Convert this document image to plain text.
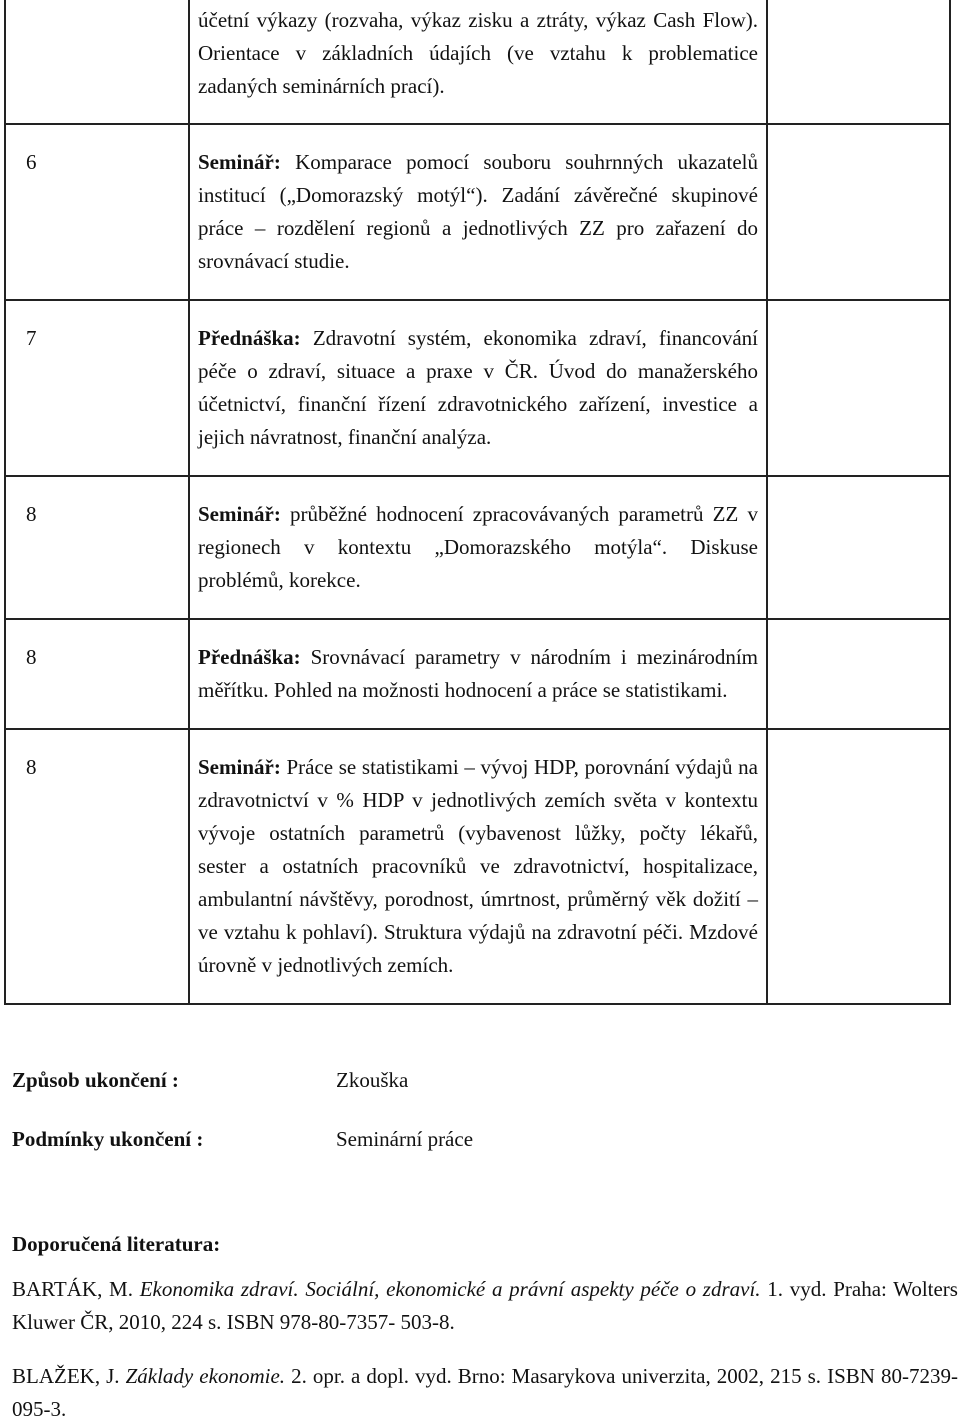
	účetní výkazy (rozvaha, výkaz zisku a ztráty, výkaz Cash Flow). Orientace v základních údajích (ve vztahu k problematice zadaných seminárních prací).	
6	Seminář: Komparace pomocí souboru souhrnných ukazatelů institucí („Domorazský motýl“). Zadání závěrečné skupinové práce – rozdělení regionů a jednotlivých ZZ pro zařazení do srovnávací studie.	
7	Přednáška: Zdravotní systém, ekonomika zdraví, financování péče o zdraví, situace a praxe v ČR. Úvod do manažerského účetnictví, finanční řízení zdravotnického zařízení, investice a jejich návratnost, finanční analýza.	
8	Seminář: průběžné hodnocení zpracovávaných parametrů ZZ v regionech v kontextu „Domorazského motýla“. Diskuse problémů, korekce.	
8	Přednáška: Srovnávací parametry v národním i mezinárodním měřítku. Pohled na možnosti hodnocení a práce se statistikami.	
8	Seminář: Práce se statistikami – vývoj HDP, porovnání výdajů na zdravotnictví v % HDP v jednotlivých zemích světa v kontextu vývoje ostatních parametrů (vybavenost lůžky, počty lékařů, sester a ostatních pracovníků ve zdravotnictví, hospitalizace, ambulantní návštěvy, porodnost, úmrtnost, průměrný věk dožití – ve vztahu k pohlaví). Struktura výdajů na zdravotní péči. Mzdové úrovně v jednotlivých zemích.	
Způsob ukončení :	Zkouška
Podmínky ukončení :	Seminární práce
Doporučená literatura:
BARTÁK, M. Ekonomika zdraví. Sociální, ekonomické a právní aspekty péče o zdraví. 1. vyd. Praha: Wolters Kluwer ČR, 2010, 224 s. ISBN 978-80-7357- 503-8.
BLAŽEK, J. Základy ekonomie. 2. opr. a dopl. vyd. Brno: Masarykova univerzita, 2002, 215 s. ISBN 80-7239-095-3.
